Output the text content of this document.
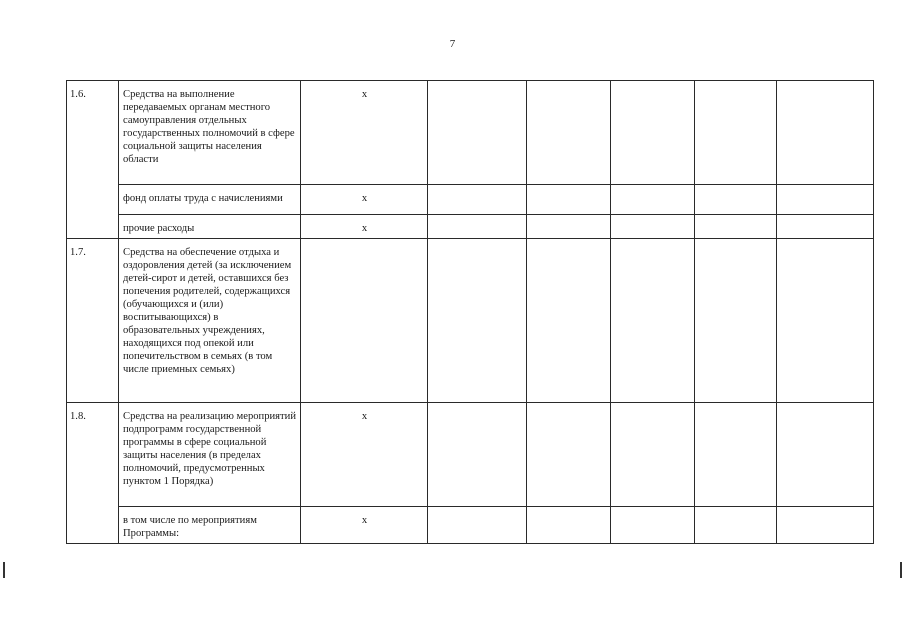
7
1.6.	Средства на выполнение передаваемых органам местного самоуправления отдельных государственных полномочий в сфере социальной защиты населения области	х					
	фонд оплаты труда с начислениями	х					
	прочие расходы	х					
1.7.	Средства на обеспечение отдыха и оздоровления детей (за исключением детей-сирот и детей, оставшихся без попечения родителей, содержащихся (обучающихся и (или) воспитывающихся) в образовательных учреждениях, находящихся под опекой или попечительством в семьях (в том числе приемных семьях)						
1.8.	Средства на реализацию мероприятий подпрограмм государственной программы в сфере социальной защиты населения (в пределах полномочий, предусмотренных пунктом 1 Порядка)	х					
	в том числе по мероприятиям Программы:	х					
